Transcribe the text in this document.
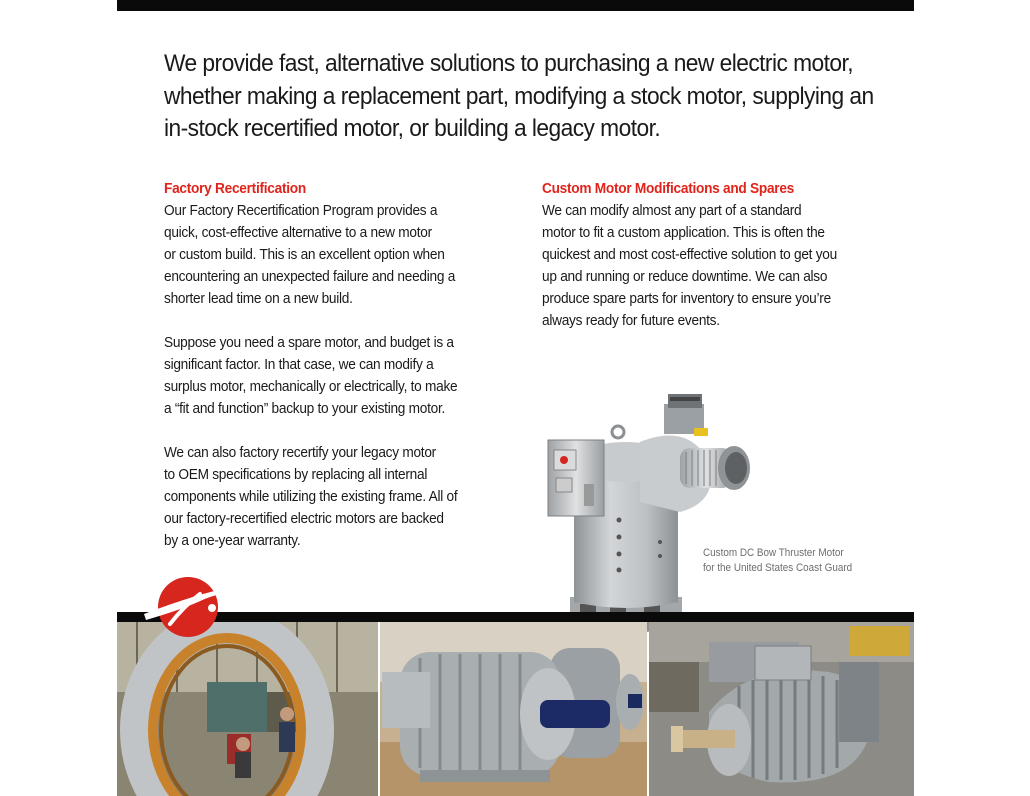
We provide fast, alternative solutions to purchasing a new electric motor,
whether making a replacement part, modifying a stock motor, supplying an
in-stock recertified motor, or building a legacy motor.
Factory Recertification
Our Factory Recertification Program provides a
quick, cost-effective alternative to a new motor
or custom build. This is an excellent option when
encountering an unexpected failure and needing a
shorter lead time on a new build.
Suppose you need a spare motor, and budget is a
significant factor. In that case, we can modify a
surplus motor, mechanically or electrically, to make
a “fit and function” backup to your existing motor.
We can also factory recertify your legacy motor
to OEM specifications by replacing all internal
components while utilizing the existing frame. All of
our factory-recertified electric motors are backed
by a one-year warranty.
Custom Motor Modifications and Spares
We can modify almost any part of a standard
motor to fit a custom application. This is often the
quickest and most cost-effective solution to get you
up and running or reduce downtime. We can also
produce spare parts for inventory to ensure you’re
always ready for future events.
Custom DC Bow Thruster Motor
for the United States Coast Guard
